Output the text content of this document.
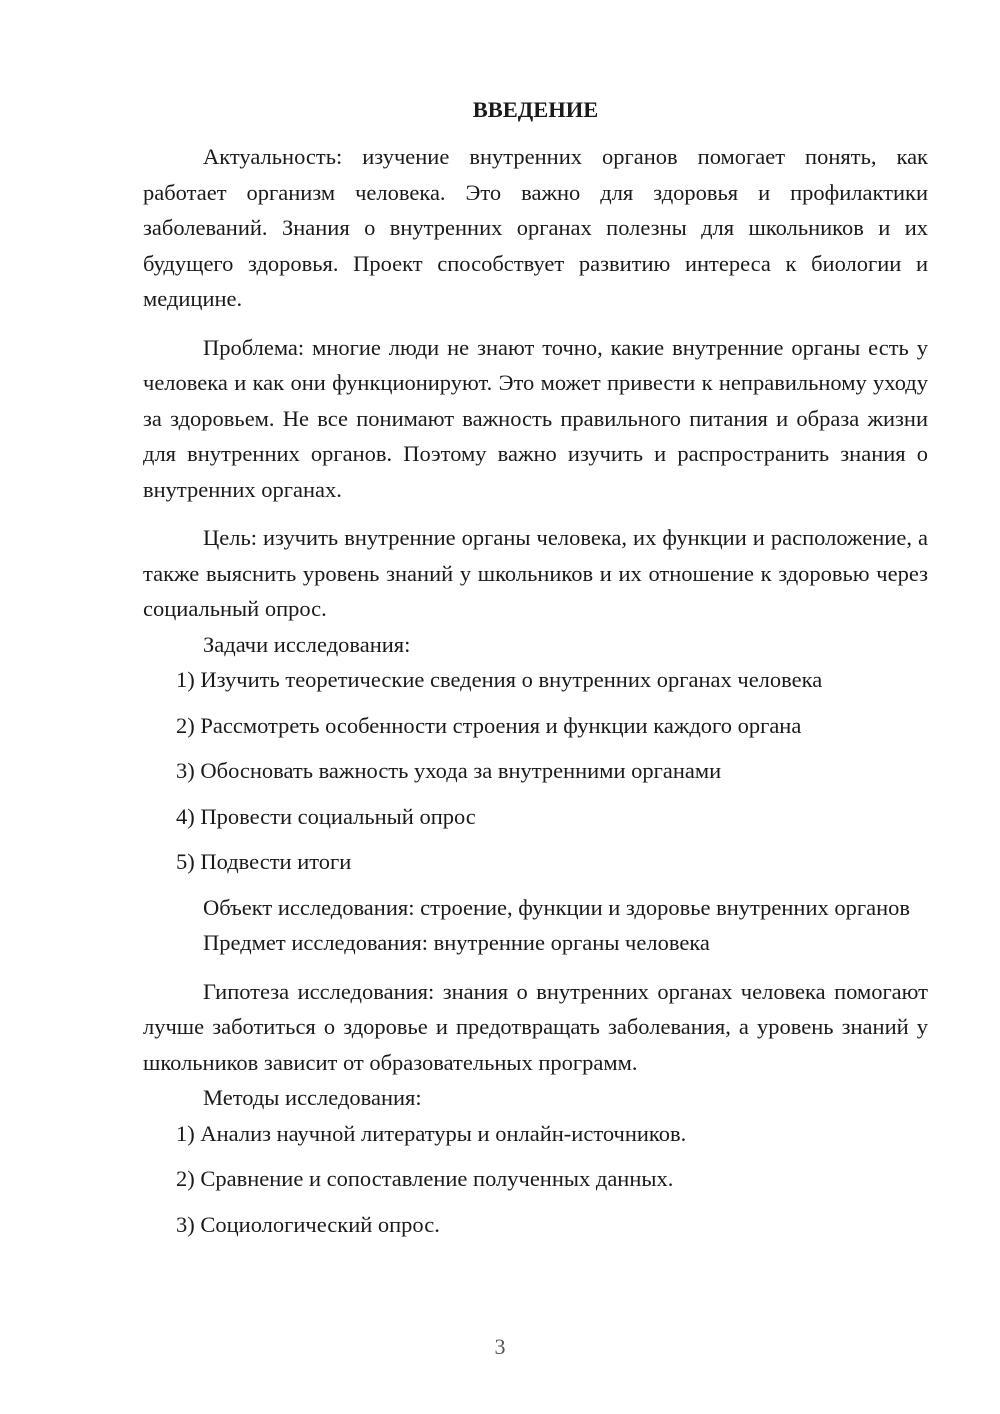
ВВЕДЕНИЕ

Актуальность: изучение внутренних органов помогает понять, как работает организм человека. Это важно для здоровья и профилактики заболеваний. Знания о внутренних органах полезны для школьников и их будущего здоровья. Проект способствует развитию интереса к биологии и медицине.

Проблема: многие люди не знают точно, какие внутренние органы есть у человека и как они функционируют. Это может привести к неправильному уходу за здоровьем. Не все понимают важность правильного питания и образа жизни для внутренних органов. Поэтому важно изучить и распространить знания о внутренних органах.

Цель: изучить внутренние органы человека, их функции и расположение, а также выяснить уровень знаний у школьников и их отношение к здоровью через социальный опрос.

Задачи исследования:

1) Изучить теоретические сведения о внутренних органах человека
2) Рассмотреть особенности строения и функции каждого органа
3) Обосновать важность ухода за внутренними органами
4) Провести социальный опрос
5) Подвести итоги

Объект исследования: строение, функции и здоровье внутренних органов

Предмет исследования: внутренние органы человека

Гипотеза исследования: знания о внутренних органах человека помогают лучше заботиться о здоровье и предотвращать заболевания, а уровень знаний у школьников зависит от образовательных программ.

Методы исследования:

1) Анализ научной литературы и онлайн-источников.
2) Сравнение и сопоставление полученных данных.
3) Социологический опрос.
3
